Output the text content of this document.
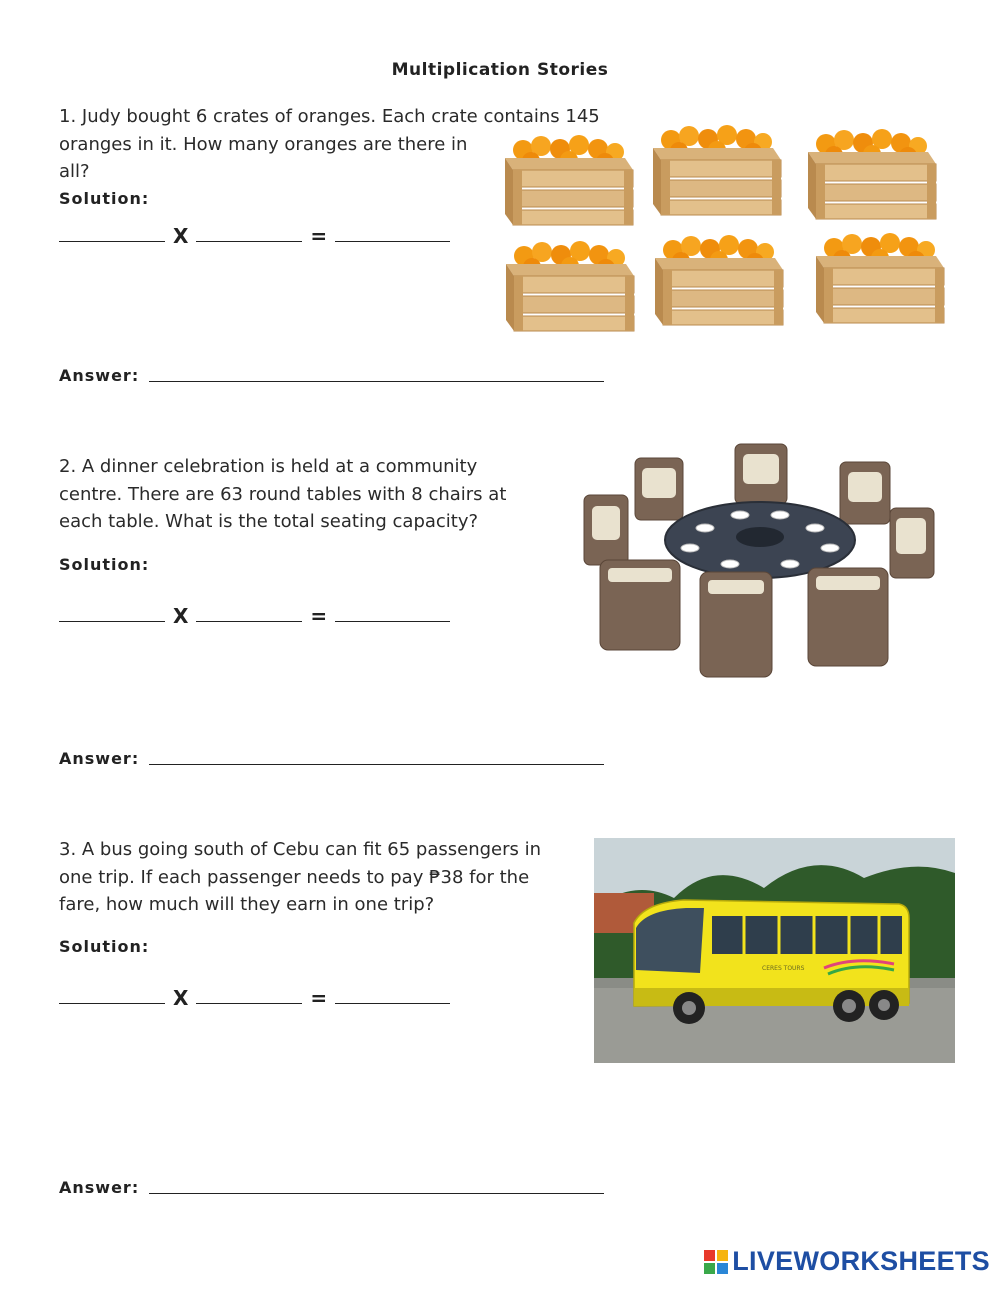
Multiplication Stories
1. Judy bought 6 crates of oranges. Each crate contains 145
oranges in it. How many oranges are there in
all?
Solution:
X	=
Answer:
2. A dinner celebration is held at a community
centre. There are 63 round tables with 8 chairs at
each table. What is the total seating capacity?
Solution:
X	=
Answer:
3. A bus going south of Cebu can fit 65 passengers in
one trip. If each passenger needs to pay ₱38 for the
fare, how much will they earn in one trip?
Solution:
X	=
Answer:
CERES TOURS
LIVEWORKSHEETS
